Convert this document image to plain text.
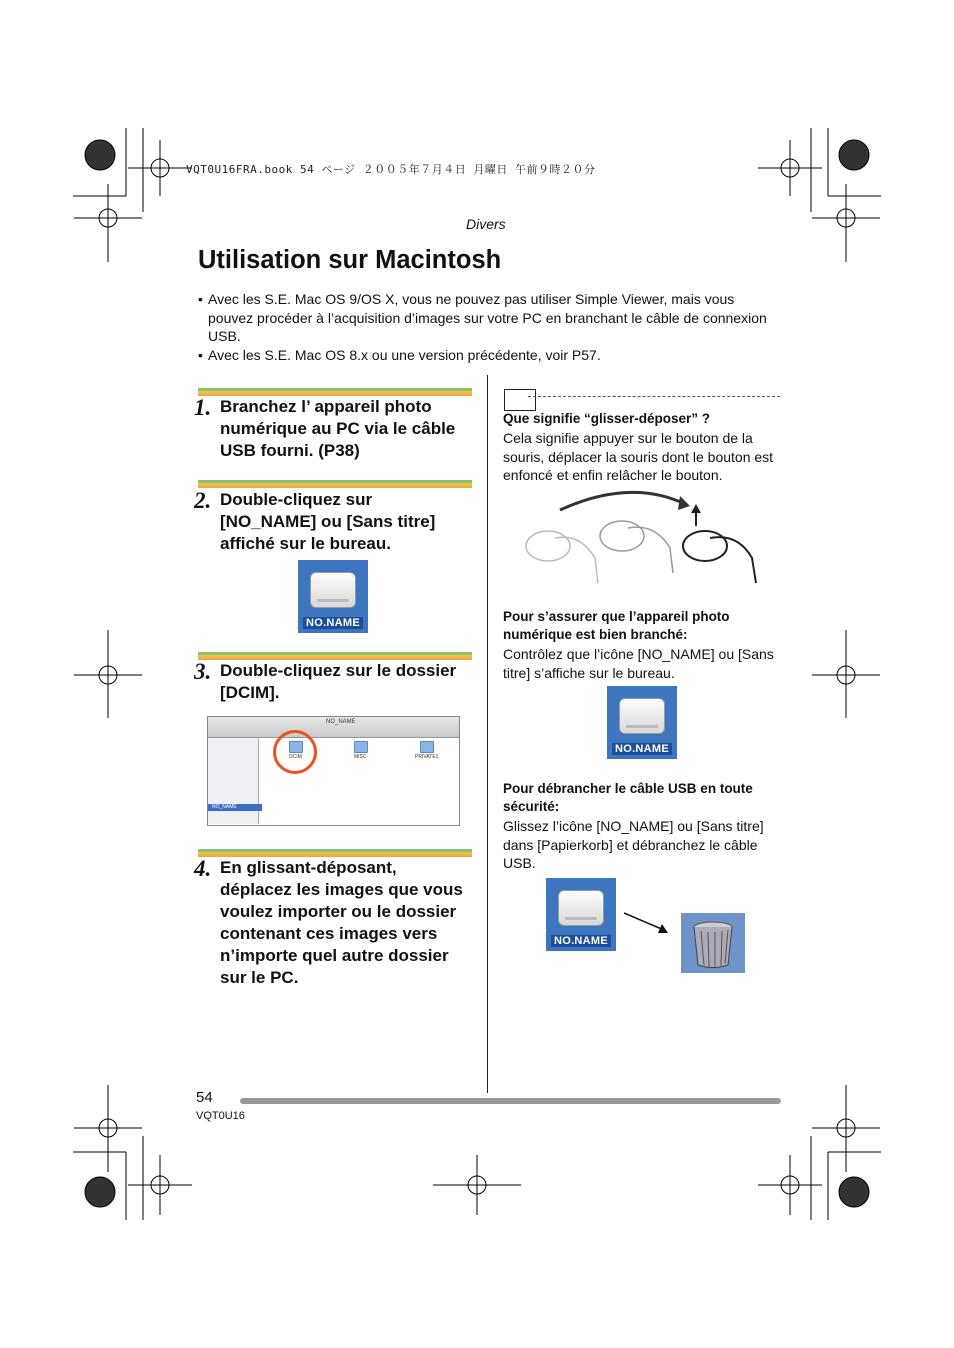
VQT0U16FRA.book 54 ページ ２００５年７月４日 月曜日 午前９時２０分
Divers
Utilisation sur Macintosh
• Avec les S.E. Mac OS 9/OS X, vous ne pouvez pas utiliser Simple Viewer, mais vous pouvez procéder à l’acquisition d’images sur votre PC en branchant le câble de connexion USB.
• Avec les S.E. Mac OS 8.x ou une version précédente, voir P57.
1. Branchez l’ appareil photo numérique au PC via le câble USB fourni. (P38)
2. Double-cliquez sur [NO_NAME] ou [Sans titre] affiché sur le bureau.
NO.NAME
3. Double-cliquez sur le dossier [DCIM].
NO_NAME
NO_NAME
DCIM	MISC	PRIVATE1
4. En glissant-déposant, déplacez les images que vous voulez importer ou le dossier contenant ces images vers n’importe quel autre dossier sur le PC.
Que signifie “glisser-déposer” ?
Cela signifie appuyer sur le bouton de la souris, déplacer la souris dont le bouton est enfoncé et enfin relâcher le bouton.
Pour s’assurer que l’appareil photo numérique est bien branché:
Contrôlez que l’icône [NO_NAME] ou [Sans titre] s’affiche sur le bureau.
NO.NAME
Pour débrancher le câble USB en toute sécurité:
Glissez l’icône [NO_NAME] ou [Sans titre] dans [Papierkorb] et débranchez le câble USB.
NO.NAME
54
VQT0U16
